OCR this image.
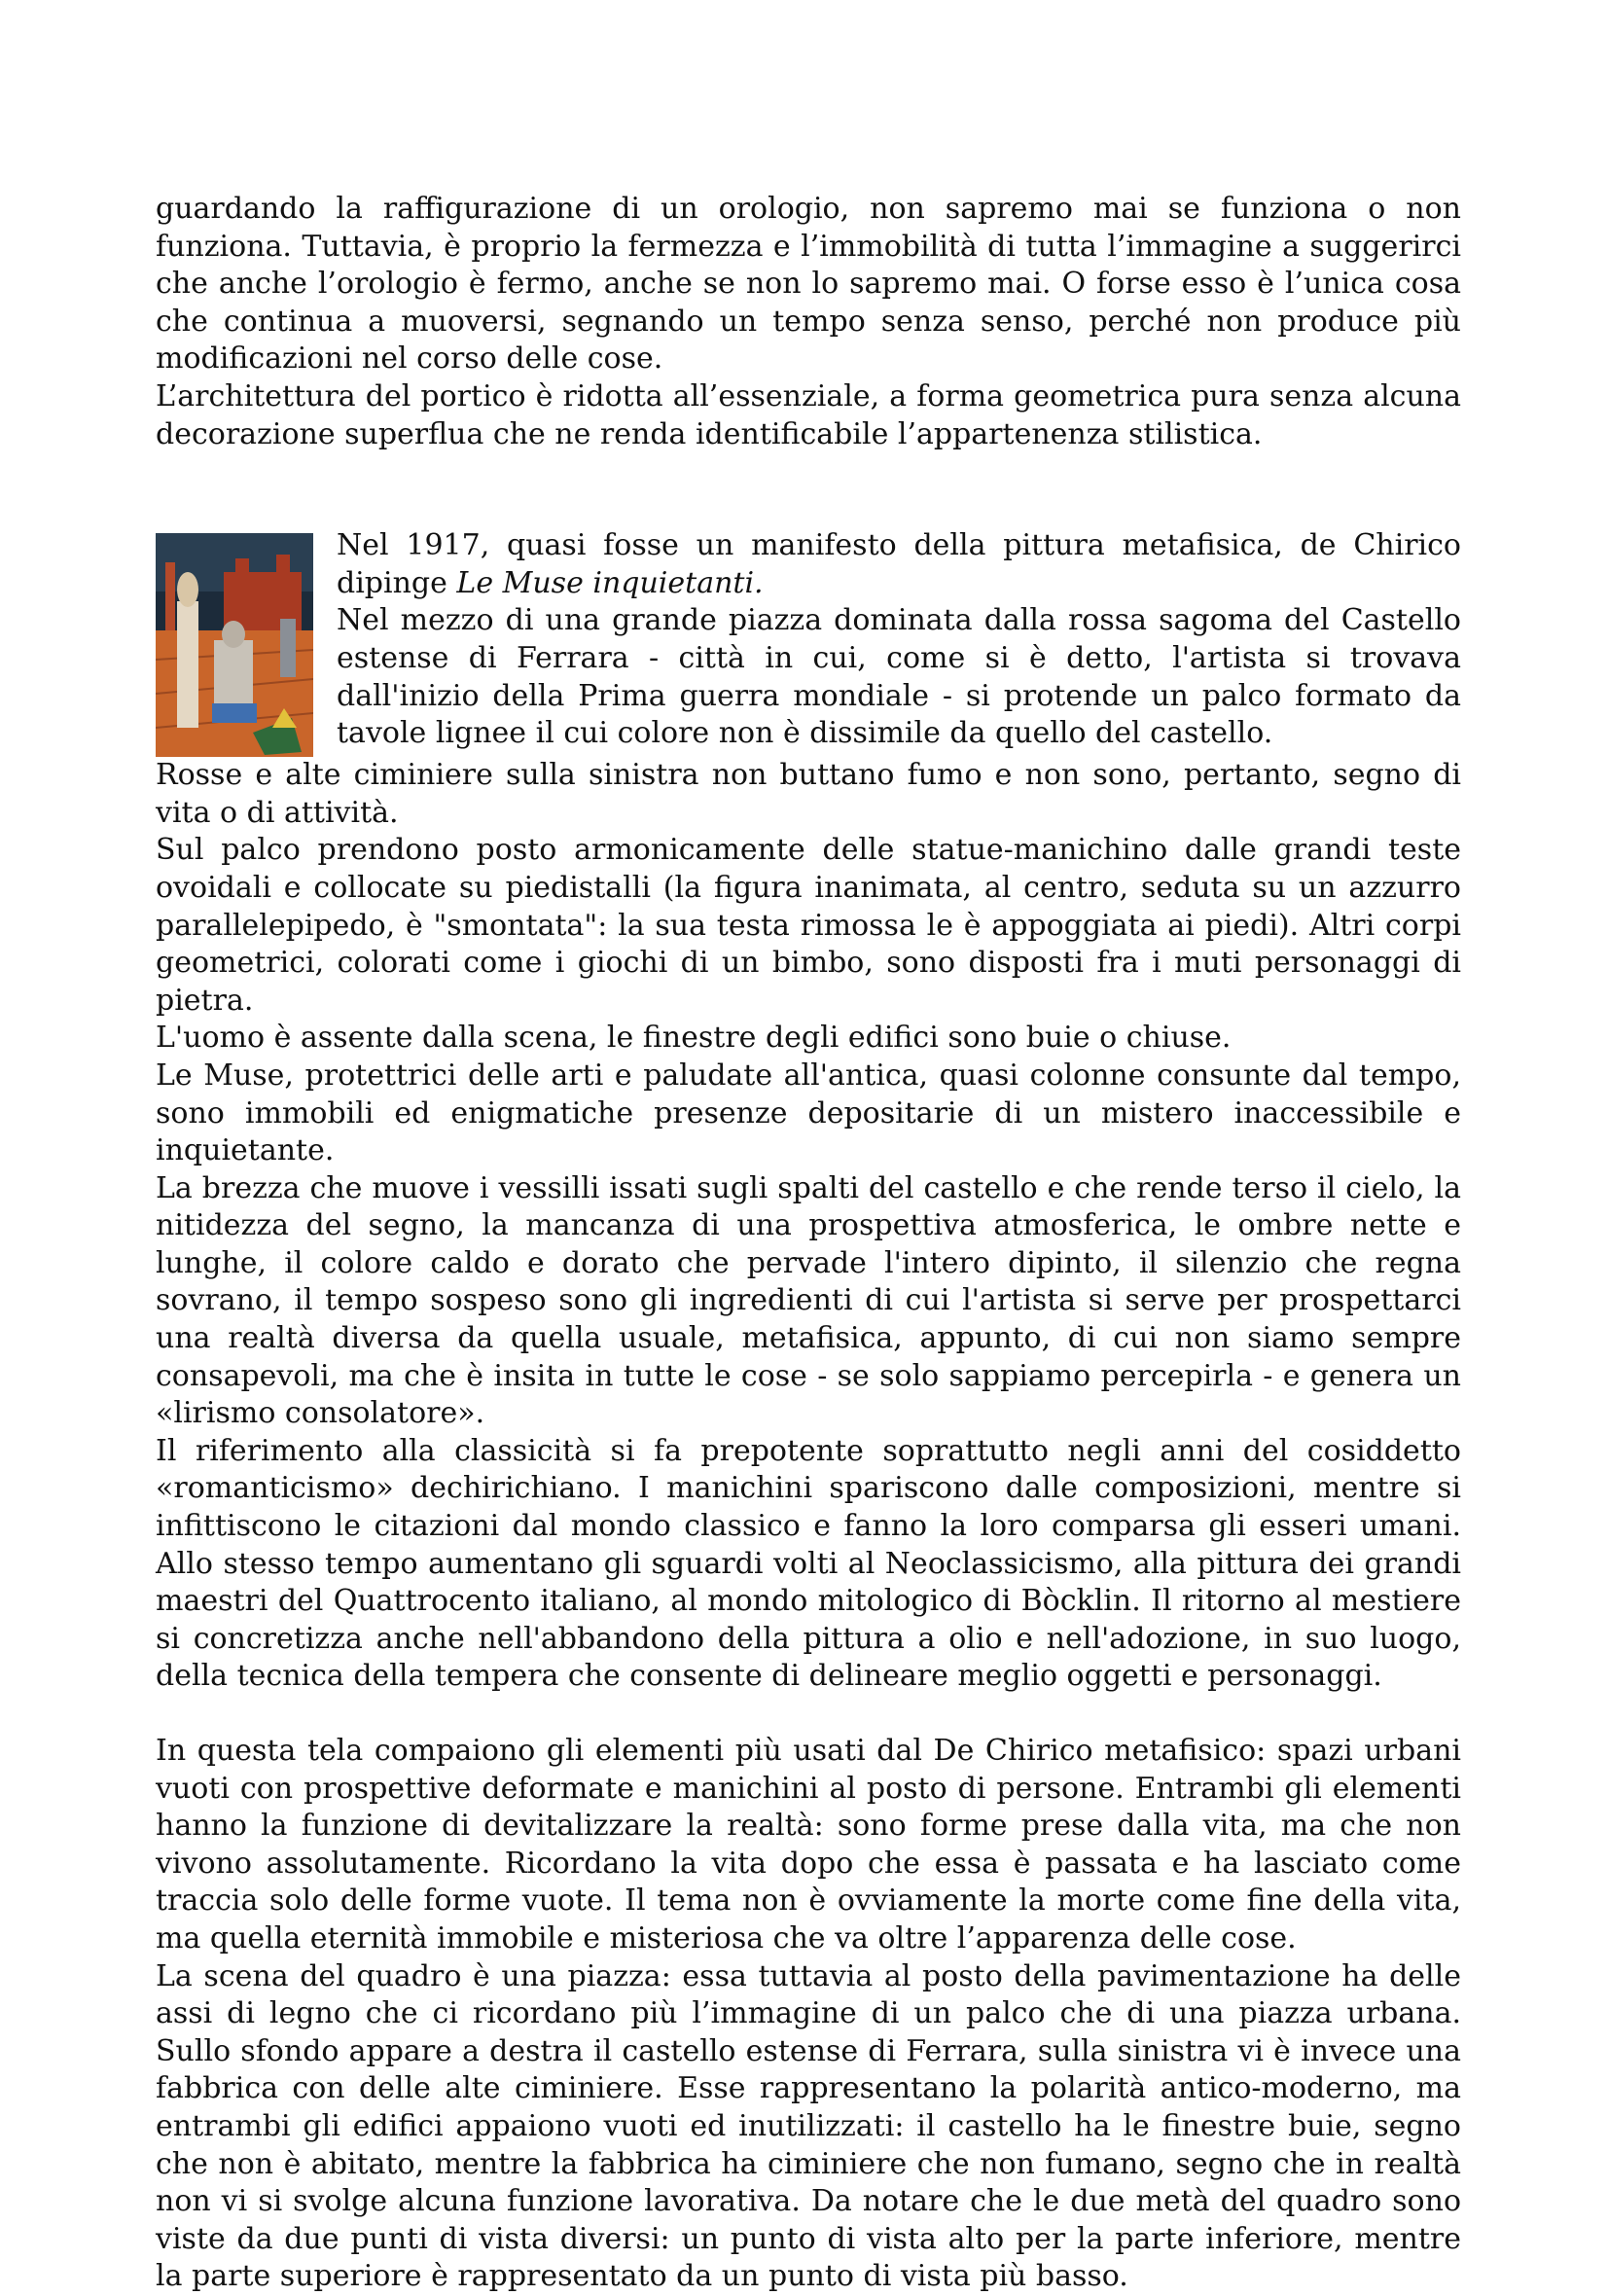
guardando la raffigurazione di un orologio, non sapremo mai se funziona o non funziona. Tuttavia, è proprio la fermezza e l’immobilità di tutta l’immagine a suggerirci che anche l’orologio è fermo, anche se non lo sapremo mai. O forse esso è l’unica cosa che continua a muoversi, segnando un tempo senza senso, perché non produce più modificazioni nel corso delle cose.

L’architettura del portico è ridotta all’essenziale, a forma geometrica pura senza alcuna decorazione superflua che ne renda identificabile l’appartenenza stilistica.

Nel 1917, quasi fosse un manifesto della pittura metafisica, de Chirico dipinge Le Muse inquietanti.

Nel mezzo di una grande piazza dominata dalla rossa sagoma del Castello estense di Ferrara - città in cui, come si è detto, l'artista si trovava dall'inizio della Prima guerra mondiale - si protende un palco formato da tavole lignee il cui colore non è dissimile da quello del castello.

Rosse e alte ciminiere sulla sinistra non buttano fumo e non sono, pertanto, segno di vita o di attività.

Sul palco prendono posto armonicamente delle statue-manichino dalle grandi teste ovoidali e collocate su piedistalli (la figura inanimata, al centro, seduta su un azzurro parallelepipedo, è "smontata": la sua testa rimossa le è appoggiata ai piedi). Altri corpi geometrici, colorati come i giochi di un bimbo, sono disposti fra i muti personaggi di pietra.

L'uomo è assente dalla scena, le finestre degli edifici sono buie o chiuse.

Le Muse, protettrici delle arti e paludate all'antica, quasi colonne consunte dal tempo, sono immobili ed enigmatiche presenze depositarie di un mistero inaccessibile e inquietante.

La brezza che muove i vessilli issati sugli spalti del castello e che rende terso il cielo, la nitidezza del segno, la mancanza di una prospettiva atmosferica, le ombre nette e lunghe, il colore caldo e dorato che pervade l'intero dipinto, il silenzio che regna sovrano, il tempo sospeso sono gli ingredienti di cui l'artista si serve per prospettarci una realtà diversa da quella usuale, metafisica, appunto, di cui non siamo sempre consapevoli, ma che è insita in tutte le cose - se solo sappiamo percepirla - e genera un «lirismo consolatore».

Il riferimento alla classicità si fa prepotente soprattutto negli anni del cosiddetto «romanticismo» dechirichiano. I manichini spariscono dalle composizioni, mentre si infittiscono le citazioni dal mondo classico e fanno la loro comparsa gli esseri umani. Allo stesso tempo aumentano gli sguardi volti al Neoclassicismo, alla pittura dei grandi maestri del Quattrocento italiano, al mondo mitologico di Bòcklin. Il ritorno al mestiere si concretizza anche nell'abbandono della pittura a olio e nell'adozione, in suo luogo, della tecnica della tempera che consente di delineare meglio oggetti e personaggi.

In questa tela compaiono gli elementi più usati dal De Chirico metafisico: spazi urbani vuoti con prospettive deformate e manichini al posto di persone. Entrambi gli elementi hanno la funzione di devitalizzare la realtà: sono forme prese dalla vita, ma che non vivono assolutamente. Ricordano la vita dopo che essa è passata e ha lasciato come traccia solo delle forme vuote. Il tema non è ovviamente la morte come fine della vita, ma quella eternità immobile e misteriosa che va oltre l’apparenza delle cose.

La scena del quadro è una piazza: essa tuttavia al posto della pavimentazione ha delle assi di legno che ci ricordano più l’immagine di un palco che di una piazza urbana. Sullo sfondo appare a destra il castello estense di Ferrara, sulla sinistra vi è invece una fabbrica con delle alte ciminiere. Esse rappresentano la polarità antico-moderno, ma entrambi gli edifici appaiono vuoti ed inutilizzati: il castello ha le finestre buie, segno che non è abitato, mentre la fabbrica ha ciminiere che non fumano, segno che in realtà non vi si svolge alcuna funzione lavorativa. Da notare che le due metà del quadro sono viste da due punti di vista diversi: un punto di vista alto per la parte inferiore, mentre la parte superiore è rappresentato da un punto di vista più basso.
